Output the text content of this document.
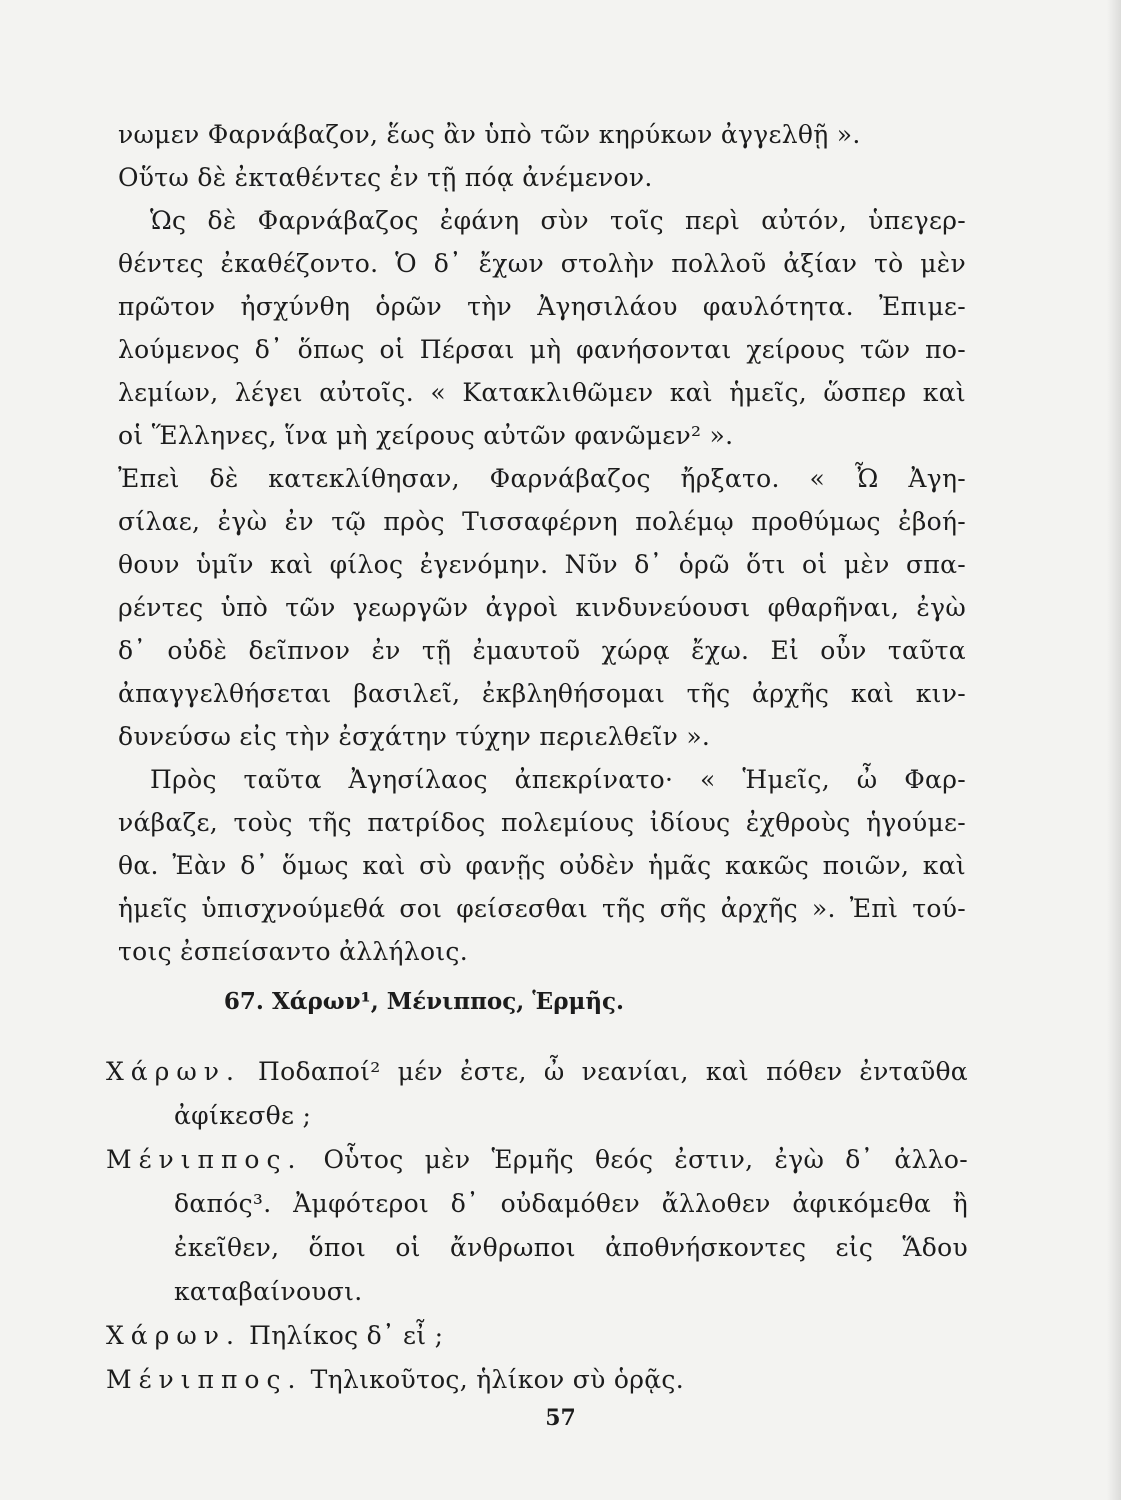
νωμεν Φαρνάβαζον, ἕως ἂν ὑπὸ τῶν κηρύκων ἀγγελθῇ ».
Οὕτω δὲ ἐκταθέντες ἐν τῇ πόᾳ ἀνέμενον.
Ὡς δὲ Φαρνάβαζος ἐφάνη σὺν τοῖς περὶ αὐτόν, ὑπεγερ-
θέντες ἐκαθέζοντο. Ὁ δ᾽ ἔχων στολὴν πολλοῦ ἀξίαν τὸ μὲν
πρῶτον ἠσχύνθη ὁρῶν τὴν Ἀγησιλάου φαυλότητα. Ἐπιμε-
λούμενος δ᾽ ὅπως οἱ Πέρσαι μὴ φανήσονται χείρους τῶν πο-
λεμίων, λέγει αὐτοῖς. « Κατακλιθῶμεν καὶ ἡμεῖς, ὥσπερ καὶ
οἱ Ἕλληνες, ἵνα μὴ χείρους αὐτῶν φανῶμεν² ».
Ἐπεὶ δὲ κατεκλίθησαν, Φαρνάβαζος ἤρξατο. « Ὦ Ἀγη-
σίλαε, ἐγὼ ἐν τῷ πρὸς Τισσαφέρνη πολέμῳ προθύμως ἐβοή-
θουν ὑμῖν καὶ φίλος ἐγενόμην. Νῦν δ᾽ ὁρῶ ὅτι οἱ μὲν σπα-
ρέντες ὑπὸ τῶν γεωργῶν ἀγροὶ κινδυνεύουσι φθαρῆναι, ἐγὼ
δ᾽ οὐδὲ δεῖπνον ἐν τῇ ἐμαυτοῦ χώρᾳ ἔχω. Εἰ οὖν ταῦτα
ἀπαγγελθήσεται βασιλεῖ, ἐκβληθήσομαι τῆς ἀρχῆς καὶ κιν-
δυνεύσω εἰς τὴν ἐσχάτην τύχην περιελθεῖν ».
Πρὸς ταῦτα Ἀγησίλαος ἀπεκρίνατο· « Ἡμεῖς, ὦ Φαρ-
νάβαζε, τοὺς τῆς πατρίδος πολεμίους ἰδίους ἐχθροὺς ἡγούμε-
θα. Ἐὰν δ᾽ ὅμως καὶ σὺ φανῇς οὐδὲν ἡμᾶς κακῶς ποιῶν, καὶ
ἡμεῖς ὑπισχνούμεθά σοι φείσεσθαι τῆς σῆς ἀρχῆς ». Ἐπὶ τού-
τοις ἐσπείσαντο ἀλλήλοις.
67. Χάρων¹, Μένιππος, Ἑρμῆς.
Χάρων. Ποδαποί² μέν ἐστε, ὦ νεανίαι, καὶ πόθεν ἐνταῦθα
ἀφίκεσθε ;
Μένιππος. Οὗτος μὲν Ἑρμῆς θεός ἐστιν, ἐγὼ δ᾽ ἀλλο-
δαπός³. Ἀμφότεροι δ᾽ οὐδαμόθεν ἄλλοθεν ἀφικόμεθα ἢ
ἐκεῖθεν, ὅποι οἱ ἄνθρωποι ἀποθνήσκοντες εἰς Ἅδου
καταβαίνουσι.
Χάρων. Πηλίκος δ᾽ εἶ ;
Μένιππος. Τηλικοῦτος, ἡλίκον σὺ ὁρᾷς.
57
